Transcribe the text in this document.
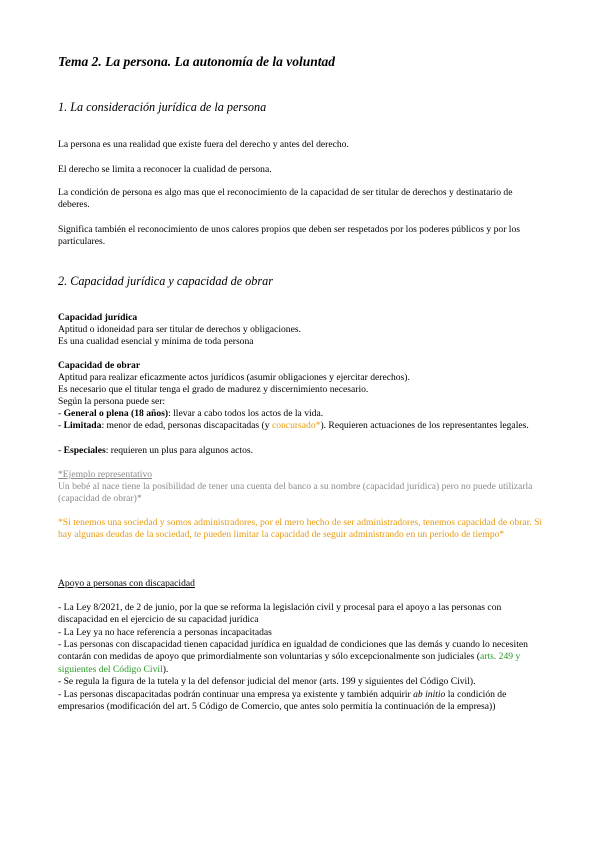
Tema 2. La persona. La autonomía de la voluntad
1. La consideración jurídica de la persona
La persona es una realidad que existe fuera del derecho y antes del derecho.
El derecho se limita a reconocer la cualidad de persona.
La condición de persona es algo mas que el reconocimiento de la capacidad de ser titular de derechos y destinatario de deberes.
Significa también el reconocimiento de unos calores propios que deben ser respetados por los poderes públicos y por los particulares.
2. Capacidad jurídica y capacidad de obrar
Capacidad jurídica
Aptitud o idoneidad para ser titular de derechos y obligaciones.
Es una cualidad esencial y mínima de toda persona
Capacidad de obrar
Aptitud para realizar eficazmente actos jurídicos (asumir obligaciones y ejercitar derechos).
Es necesario que el titular tenga el grado de madurez y discernimiento necesario.
Según la persona puede ser:
- General o plena (18 años): llevar a cabo todos los actos de la vida.
- Limitada: menor de edad, personas discapacitadas (y concursado*). Requieren actuaciones de los representantes legales.
- Especiales: requieren un plus para algunos actos.
*Ejemplo representativo
Un bebé al nace tiene la posibilidad de tener una cuenta del banco a su nombre (capacidad jurídica) pero no puede utilizarla (capacidad de obrar)*
*Si tenemos una sociedad y somos administradores, por el mero hecho de ser administradores, tenemos capacidad de obrar. Si hay algunas deudas de la sociedad, te pueden limitar la capacidad de seguir administrando en un período de tiempo*
Apoyo a personas con discapacidad
- La Ley 8/2021, de 2 de junio, por la que se reforma la legislación civil y procesal para el apoyo a las personas con discapacidad en el ejercicio de su capacidad jurídica
- La Ley ya no hace referencia a personas incapacitadas
- Las personas con discapacidad tienen capacidad jurídica en igualdad de condiciones que las demás y cuando lo necesiten contarán con medidas de apoyo que primordialmente son voluntarias y sólo excepcionalmente son judiciales (arts. 249 y siguientes del Código Civil).
- Se regula la figura de la tutela y la del defensor judicial del menor (arts. 199 y siguientes del Código Civil).
- Las personas discapacitadas podrán continuar una empresa ya existente y también adquirir ab initio la condición de empresarios (modificación del art. 5 Código de Comercio, que antes solo permitía la continuación de la empresa))
